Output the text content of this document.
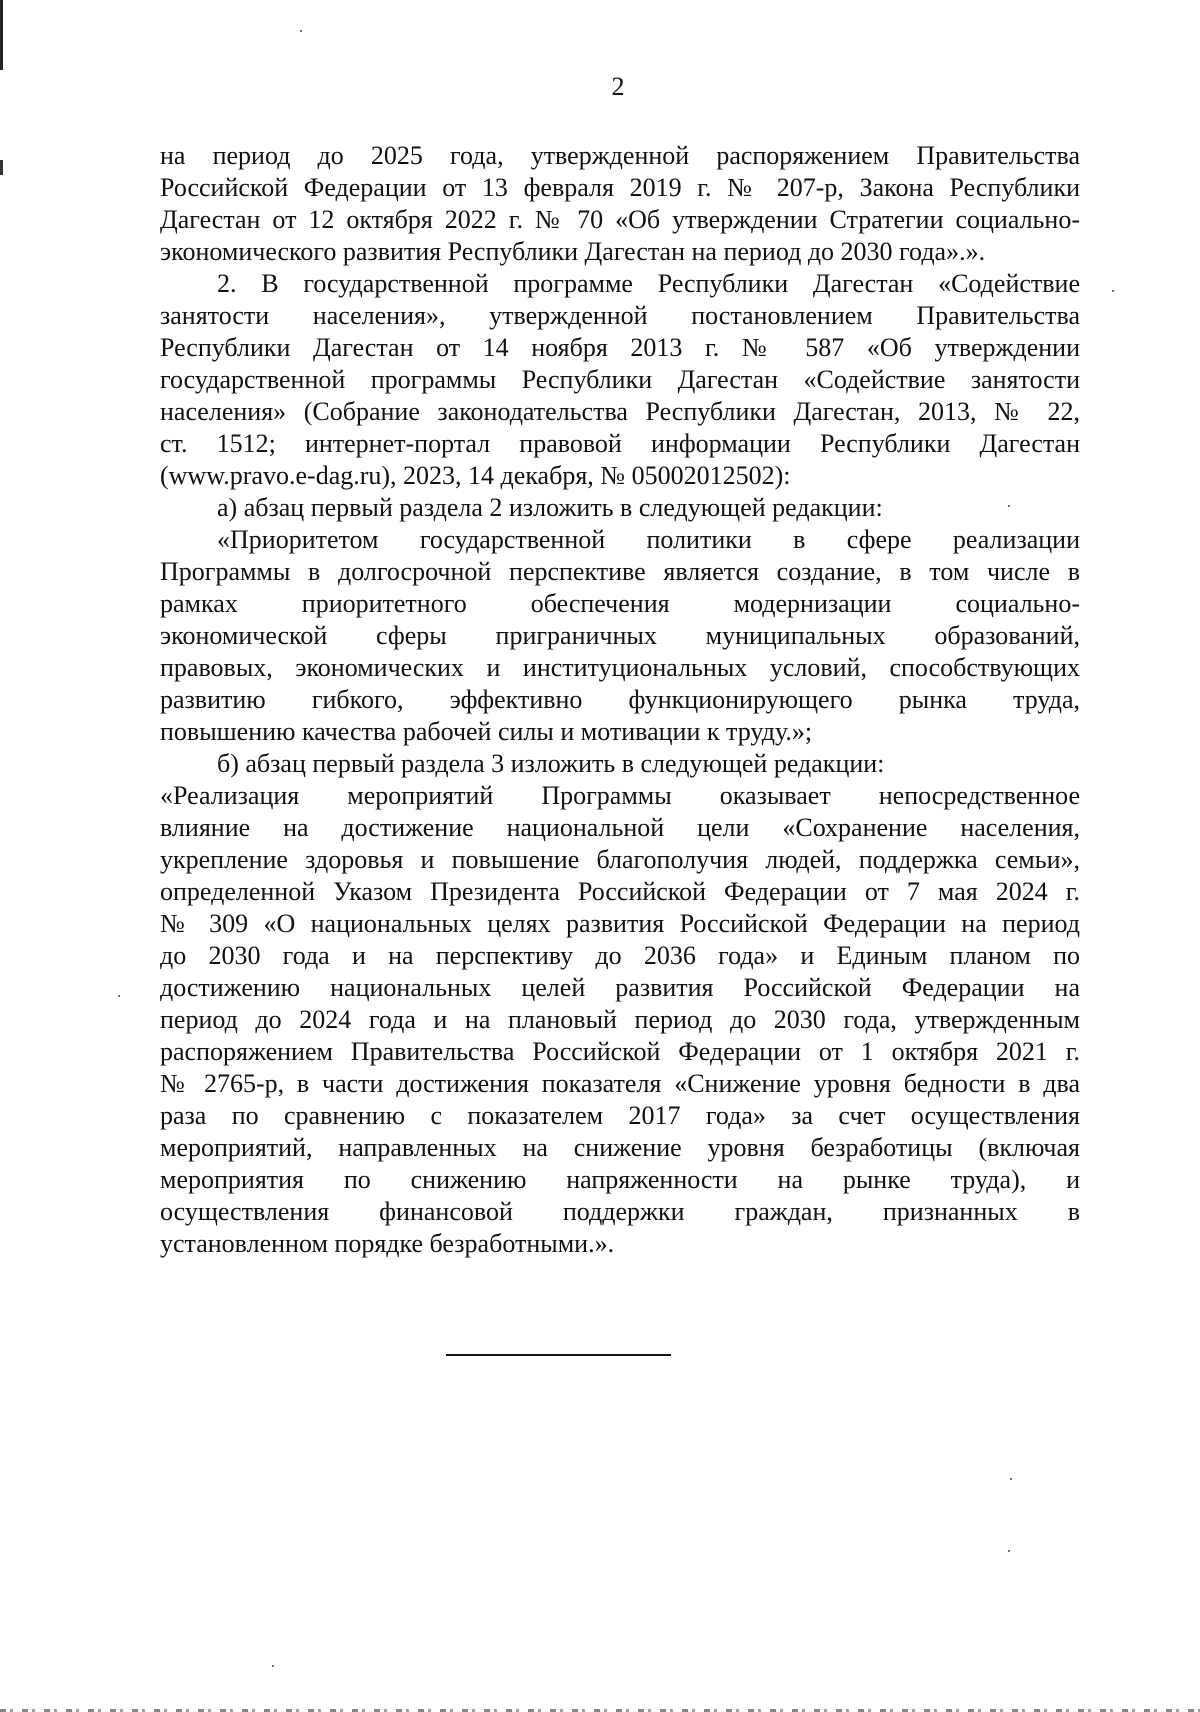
2
на период до 2025 года, утвержденной распоряжением Правительства
Российской Федерации от 13 февраля 2019 г. № 207-р, Закона Республики
Дагестан от 12 октября 2022 г. № 70 «Об утверждении Стратегии социально-
экономического развития Республики Дагестан на период до 2030 года».».
2. В государственной программе Республики Дагестан «Содействие
занятости населения», утвержденной постановлением Правительства
Республики Дагестан от 14 ноября 2013 г. № 587 «Об утверждении
государственной программы Республики Дагестан «Содействие занятости
населения» (Собрание законодательства Республики Дагестан, 2013, № 22,
ст. 1512; интернет-портал правовой информации Республики Дагестан
(www.pravo.e-dag.ru), 2023, 14 декабря, № 05002012502):
а) абзац первый раздела 2 изложить в следующей редакции:
«Приоритетом государственной политики в сфере реализации
Программы в долгосрочной перспективе является создание, в том числе в
рамках приоритетного обеспечения модернизации социально-
экономической сферы приграничных муниципальных образований,
правовых, экономических и институциональных условий, способствующих
развитию гибкого, эффективно функционирующего рынка труда,
повышению качества рабочей силы и мотивации к труду.»;
б) абзац первый раздела 3 изложить в следующей редакции:
«Реализация мероприятий Программы оказывает непосредственное
влияние на достижение национальной цели «Сохранение населения,
укрепление здоровья и повышение благополучия людей, поддержка семьи»,
определенной Указом Президента Российской Федерации от 7 мая 2024 г.
№ 309 «О национальных целях развития Российской Федерации на период
до 2030 года и на перспективу до 2036 года» и Единым планом по
достижению национальных целей развития Российской Федерации на
период до 2024 года и на плановый период до 2030 года, утвержденным
распоряжением Правительства Российской Федерации от 1 октября 2021 г.
№ 2765-р, в части достижения показателя «Снижение уровня бедности в два
раза по сравнению с показателем 2017 года» за счет осуществления
мероприятий, направленных на снижение уровня безработицы (включая
мероприятия по снижению напряженности на рынке труда), и
осуществления финансовой поддержки граждан, признанных в
установленном порядке безработными.».
